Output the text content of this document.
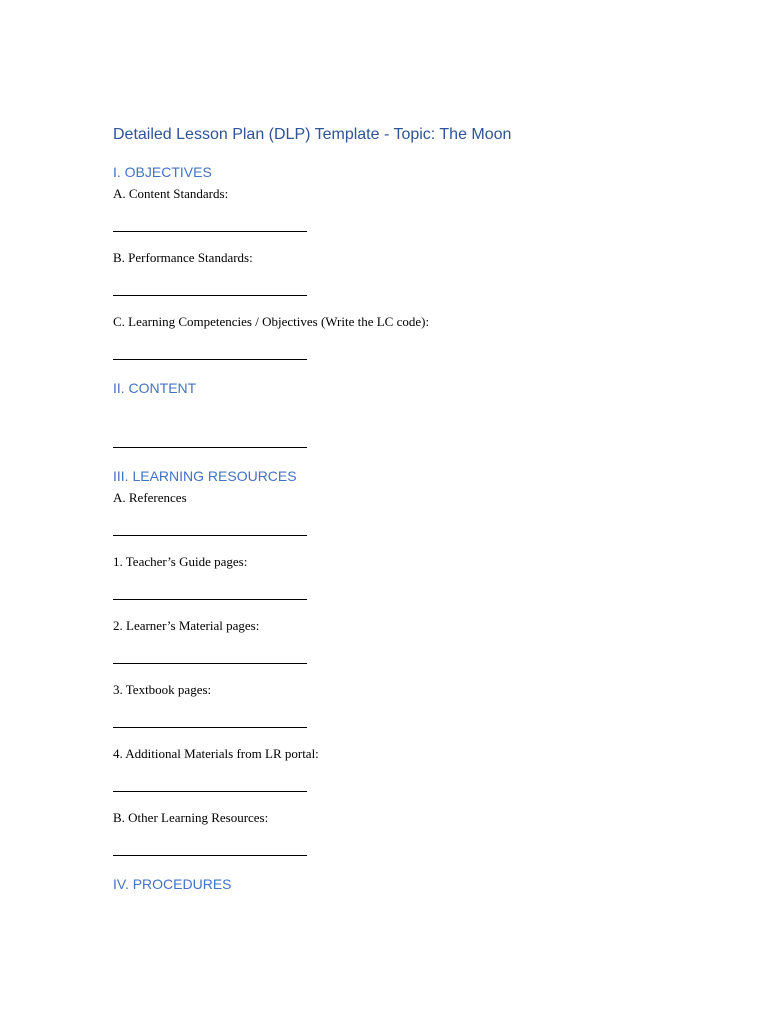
Detailed Lesson Plan (DLP) Template - Topic: The Moon
I. OBJECTIVES
A. Content Standards:
B. Performance Standards:
C. Learning Competencies / Objectives (Write the LC code):
II. CONTENT
III. LEARNING RESOURCES
A. References
1. Teacher’s Guide pages:
2. Learner’s Material pages:
3. Textbook pages:
4. Additional Materials from LR portal:
B. Other Learning Resources:
IV. PROCEDURES
